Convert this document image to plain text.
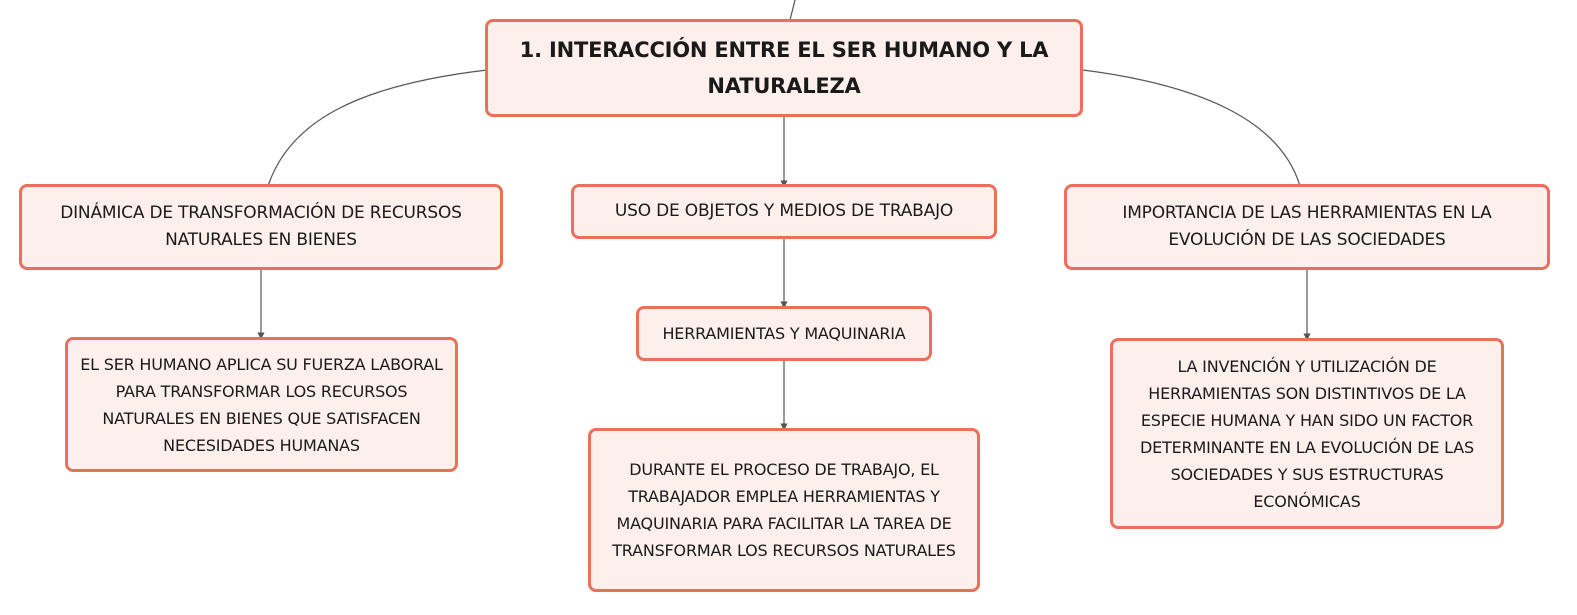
1. INTERACCIÓN ENTRE EL SER HUMANO Y LA NATURALEZA
DINÁMICA DE TRANSFORMACIÓN DE RECURSOS NATURALES EN BIENES
EL SER HUMANO APLICA SU FUERZA LABORAL PARA TRANSFORMAR LOS RECURSOS NATURALES EN BIENES QUE SATISFACEN NECESIDADES HUMANAS
USO DE OBJETOS Y MEDIOS DE TRABAJO
HERRAMIENTAS Y MAQUINARIA
DURANTE EL PROCESO DE TRABAJO, EL TRABAJADOR EMPLEA HERRAMIENTAS Y MAQUINARIA PARA FACILITAR LA TAREA DE TRANSFORMAR LOS RECURSOS NATURALES
IMPORTANCIA DE LAS HERRAMIENTAS EN LA EVOLUCIÓN DE LAS SOCIEDADES
LA INVENCIÓN Y UTILIZACIÓN DE HERRAMIENTAS SON DISTINTIVOS DE LA ESPECIE HUMANA Y HAN SIDO UN FACTOR DETERMINANTE EN LA EVOLUCIÓN DE LAS SOCIEDADES Y SUS ESTRUCTURAS ECONÓMICAS
